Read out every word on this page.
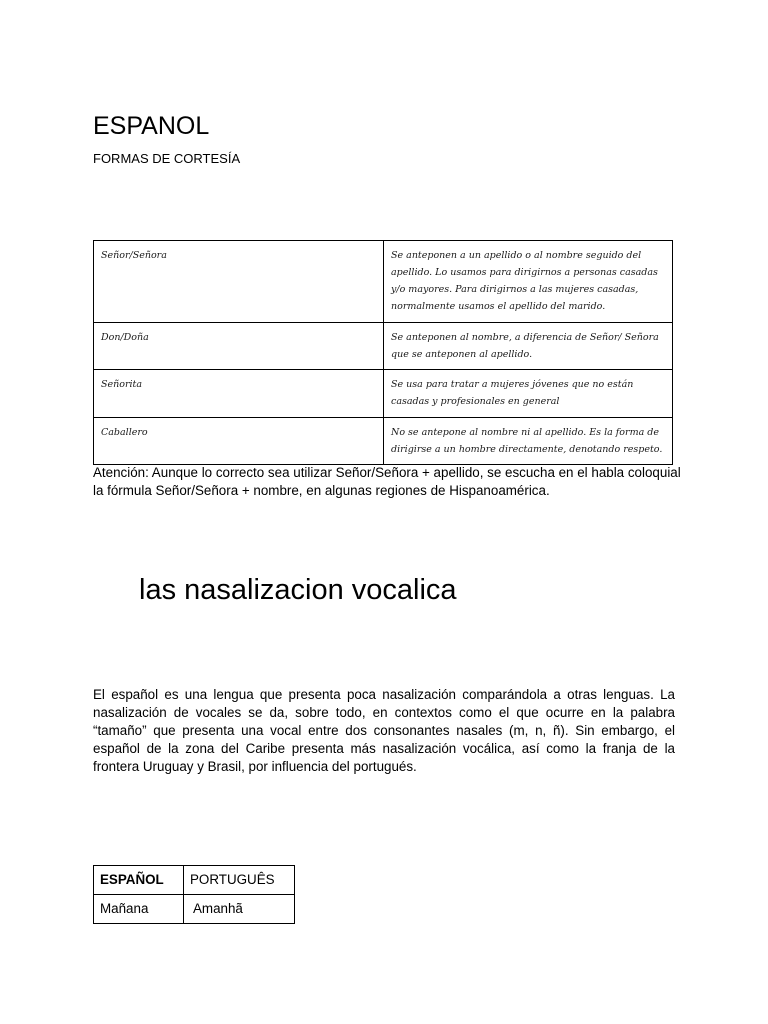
ESPANOL

FORMAS DE CORTESÍA

Señor/Señora	Se anteponen a un apellido o al nombre seguido del apellido. Lo usamos para dirigirnos a personas casadas y/o mayores. Para dirigirnos a las mujeres casadas, normalmente usamos el apellido del marido.
Don/Doña	Se anteponen al nombre, a diferencia de Señor/ Señora que se anteponen al apellido.
Señorita	Se usa para tratar a mujeres jóvenes que no están casadas y profesionales en general
Caballero	No se antepone al nombre ni al apellido. Es la forma de dirigirse a un hombre directamente, denotando respeto.

Atención: Aunque lo correcto sea utilizar Señor/Señora + apellido, se escucha en el habla coloquial la fórmula Señor/Señora + nombre, en algunas regiones de Hispanoamérica.

las nasalizacion vocalica

El español es una lengua que presenta poca nasalización comparándola a otras lenguas. La nasalización de vocales se da, sobre todo, en contextos como el que ocurre en la palabra “tamaño” que presenta una vocal entre dos consonantes nasales (m, n, ñ). Sin embargo, el español de la zona del Caribe presenta más nasalización vocálica, así como la franja de la frontera Uruguay y Brasil, por influencia del portugués.

ESPAÑOL	PORTUGUÊS
Mañana	Amanhã
